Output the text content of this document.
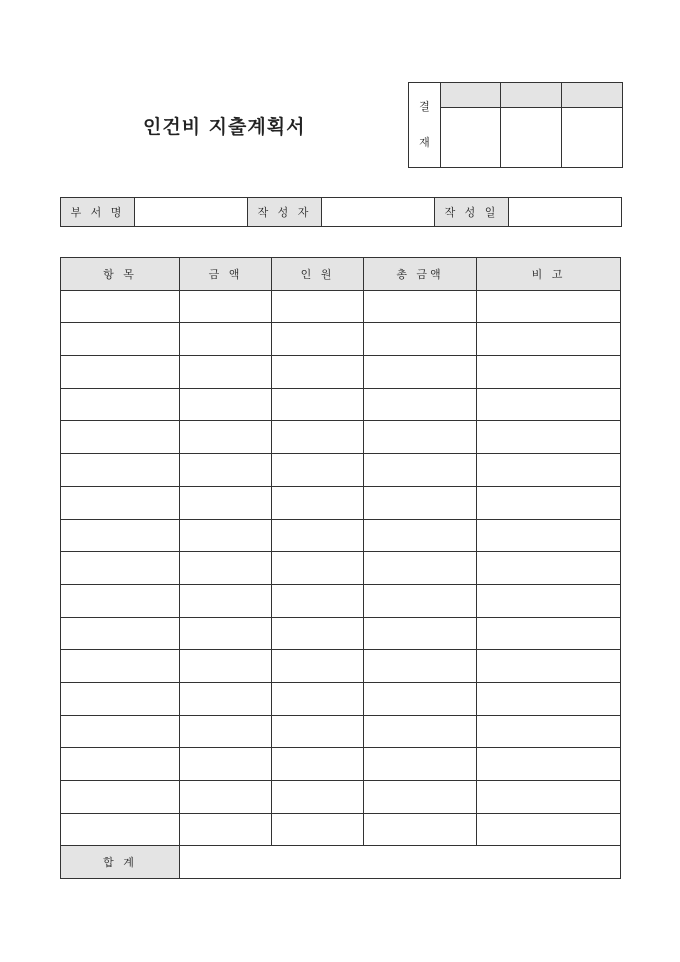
인건비 지출계획서
결
재			

부 서 명		작 성 자		작 성 일	
항 목	금 액	인 원	총 금액	비 고

합 계				
